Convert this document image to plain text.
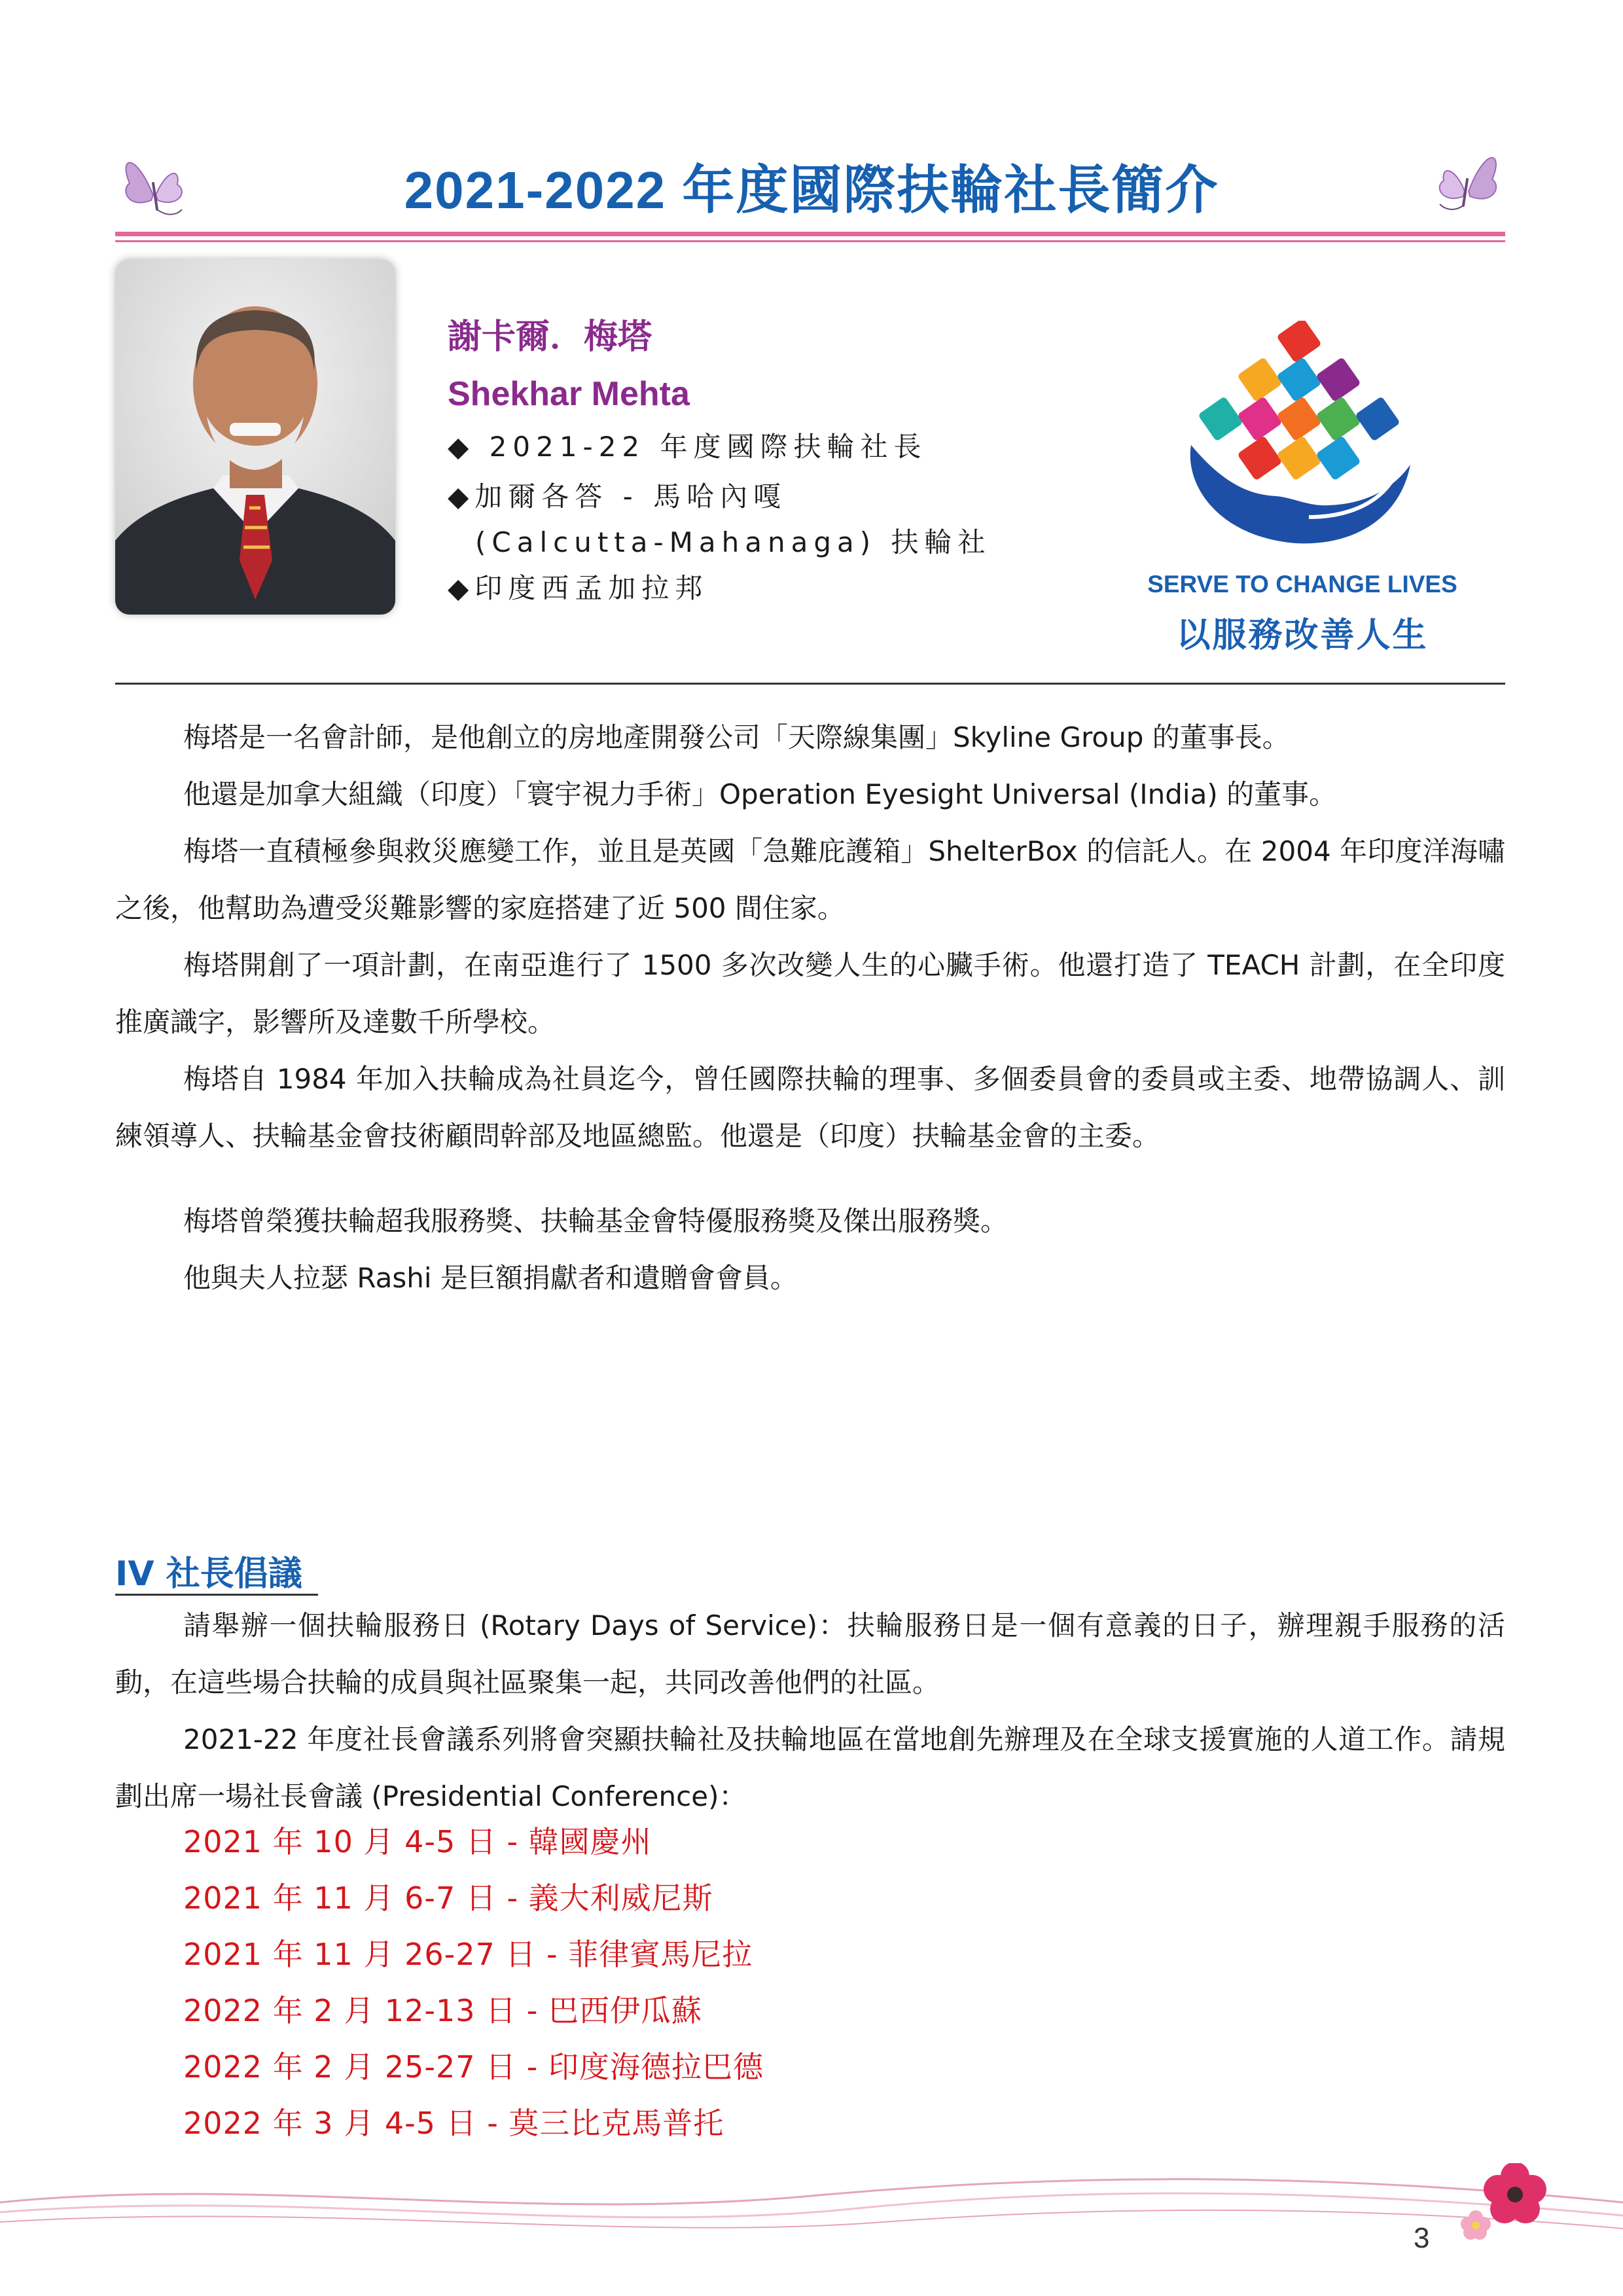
2021-2022 年度國際扶輪社長簡介
謝卡爾．梅塔
Shekhar Mehta
◆ 2021-22 年度國際扶輪社長
◆加爾各答 - 馬哈內嘎
(Calcutta-Mahanaga) 扶輪社
◆印度西孟加拉邦	SERVE TO CHANGE LIVES
以服務改善人生

梅塔是一名會計師，是他創立的房地產開發公司「天際線集團」Skyline Group 的董事長。

他還是加拿大組織（印度）「寰宇視力手術」Operation Eyesight Universal (India) 的董事。

梅塔一直積極參與救災應變工作，並且是英國「急難庇護箱」ShelterBox 的信託人。在 2004 年印度洋海嘯之後，他幫助為遭受災難影響的家庭搭建了近 500 間住家。

梅塔開創了一項計劃，在南亞進行了 1500 多次改變人生的心臟手術。他還打造了 TEACH 計劃，在全印度推廣識字，影響所及達數千所學校。

梅塔自 1984 年加入扶輪成為社員迄今，曾任國際扶輪的理事、多個委員會的委員或主委、地帶協調人、訓練領導人、扶輪基金會技術顧問幹部及地區總監。他還是（印度）扶輪基金會的主委。

梅塔曾榮獲扶輪超我服務獎、扶輪基金會特優服務獎及傑出服務獎。

他與夫人拉瑟 Rashi 是巨額捐獻者和遺贈會會員。

IV 社長倡議

請舉辦一個扶輪服務日 (Rotary Days of Service)：扶輪服務日是一個有意義的日子，辦理親手服務的活動，在這些場合扶輪的成員與社區聚集一起，共同改善他們的社區。

2021-22 年度社長會議系列將會突顯扶輪社及扶輪地區在當地創先辦理及在全球支援實施的人道工作。請規劃出席一場社長會議 (Presidential Conference)：

2021 年 10 月 4-5 日 - 韓國慶州
2021 年 11 月 6-7 日 - 義大利威尼斯
2021 年 11 月 26-27 日 - 菲律賓馬尼拉
2022 年 2 月 12-13 日 - 巴西伊瓜蘇
2022 年 2 月 25-27 日 - 印度海德拉巴德
2022 年 3 月 4-5 日 - 莫三比克馬普托
3
